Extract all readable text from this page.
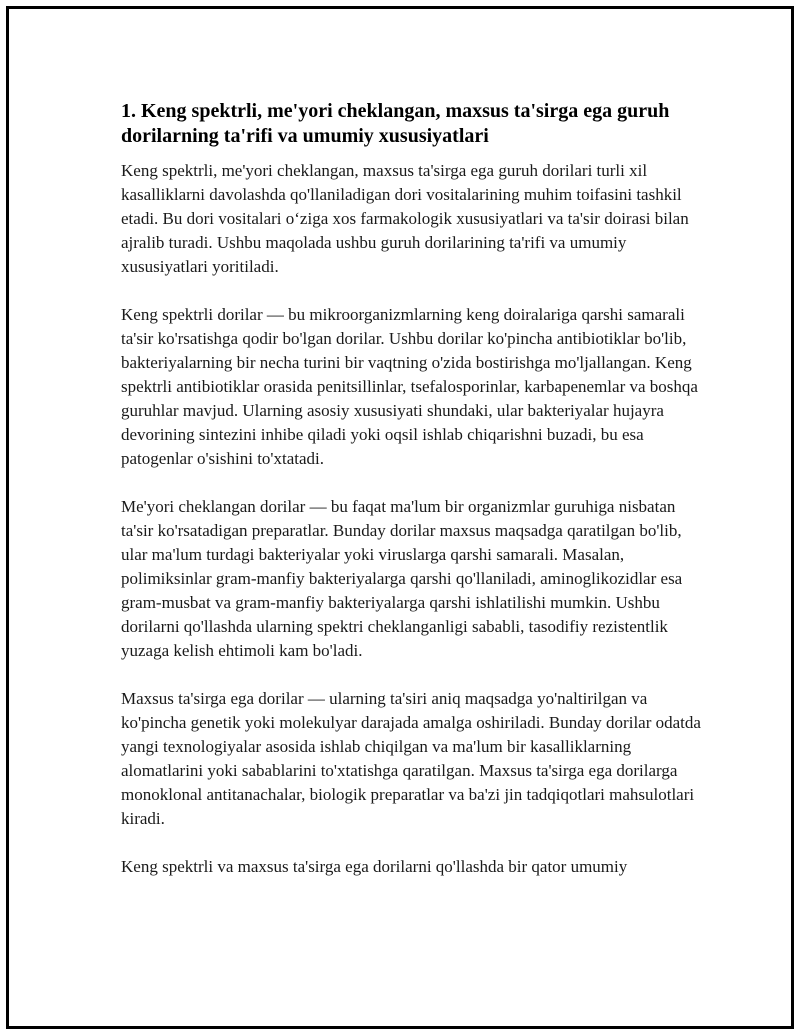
1. Keng spektrli, me'yori cheklangan, maxsus ta'sirga ega guruh dorilarning ta'rifi va umumiy xususiyatlari

Keng spektrli, me'yori cheklangan, maxsus ta'sirga ega guruh dorilari turli xil kasalliklarni davolashda qo'llaniladigan dori vositalarining muhim toifasini tashkil etadi. Bu dori vositalari o‘ziga xos farmakologik xususiyatlari va ta'sir doirasi bilan ajralib turadi. Ushbu maqolada ushbu guruh dorilarining ta'rifi va umumiy xususiyatlari yoritiladi.

Keng spektrli dorilar — bu mikroorganizmlarning keng doiralariga qarshi samarali ta'sir ko'rsatishga qodir bo'lgan dorilar. Ushbu dorilar ko'pincha antibiotiklar bo'lib, bakteriyalarning bir necha turini bir vaqtning o'zida bostirishga mo'ljallangan. Keng spektrli antibiotiklar orasida penitsillinlar, tsefalosporinlar, karbapenemlar va boshqa guruhlar mavjud. Ularning asosiy xususiyati shundaki, ular bakteriyalar hujayra devorining sintezini inhibe qiladi yoki oqsil ishlab chiqarishni buzadi, bu esa patogenlar o'sishini to'xtatadi.

Me'yori cheklangan dorilar — bu faqat ma'lum bir organizmlar guruhiga nisbatan ta'sir ko'rsatadigan preparatlar. Bunday dorilar maxsus maqsadga qaratilgan bo'lib, ular ma'lum turdagi bakteriyalar yoki viruslarga qarshi samarali. Masalan, polimiksinlar gram-manfiy bakteriyalarga qarshi qo'llaniladi, aminoglikozidlar esa gram-musbat va gram-manfiy bakteriyalarga qarshi ishlatilishi mumkin. Ushbu dorilarni qo'llashda ularning spektri cheklanganligi sababli, tasodifiy rezistentlik yuzaga kelish ehtimoli kam bo'ladi.

Maxsus ta'sirga ega dorilar — ularning ta'siri aniq maqsadga yo'naltirilgan va ko'pincha genetik yoki molekulyar darajada amalga oshiriladi. Bunday dorilar odatda yangi texnologiyalar asosida ishlab chiqilgan va ma'lum bir kasalliklarning alomatlarini yoki sabablarini to'xtatishga qaratilgan. Maxsus ta'sirga ega dorilarga monoklonal antitanachalar, biologik preparatlar va ba'zi jin tadqiqotlari mahsulotlari kiradi.

Keng spektrli va maxsus ta'sirga ega dorilarni qo'llashda bir qator umumiy
